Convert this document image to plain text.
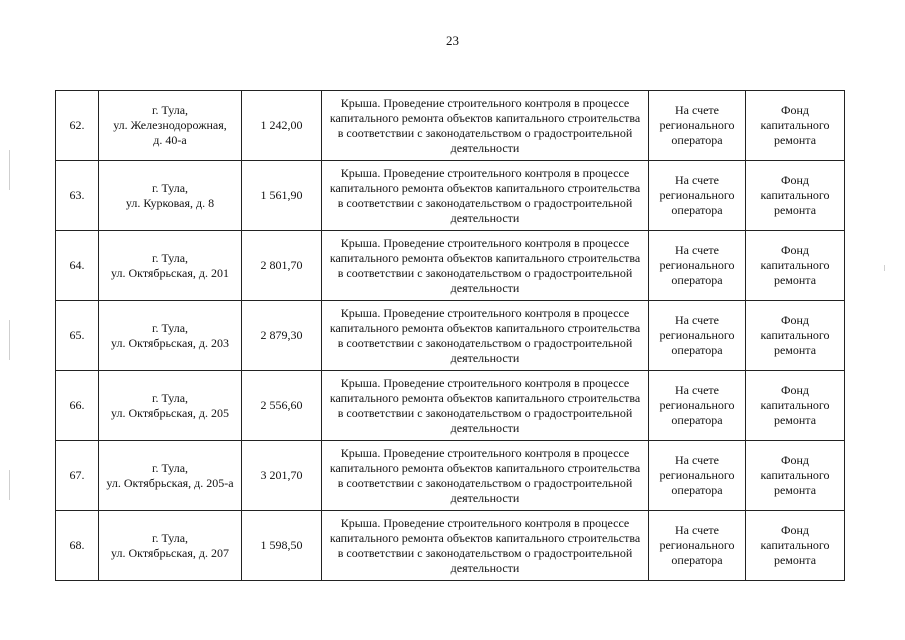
23
62.	г. Тула,
ул. Железнодорожная,
д. 40-а	1 242,00	Крыша. Проведение строительного контроля в процессе капитального ремонта объектов капитального строительства в соответствии с законодательством о градостроительной деятельности	На счете
регионального
оператора	Фонд
капитального
ремонта

63.	г. Тула,
ул. Курковая, д. 8	1 561,90	Крыша. Проведение строительного контроля в процессе капитального ремонта объектов капитального строительства в соответствии с законодательством о градостроительной деятельности	На счете
регионального
оператора	Фонд
капитального
ремонта

64.	г. Тула,
ул. Октябрьская, д. 201	2 801,70	Крыша. Проведение строительного контроля в процессе капитального ремонта объектов капитального строительства в соответствии с законодательством о градостроительной деятельности	На счете
регионального
оператора	Фонд
капитального
ремонта

65.	г. Тула,
ул. Октябрьская, д. 203	2 879,30	Крыша. Проведение строительного контроля в процессе капитального ремонта объектов капитального строительства в соответствии с законодательством о градостроительной деятельности	На счете
регионального
оператора	Фонд
капитального
ремонта

66.	г. Тула,
ул. Октябрьская, д. 205	2 556,60	Крыша. Проведение строительного контроля в процессе капитального ремонта объектов капитального строительства в соответствии с законодательством о градостроительной деятельности	На счете
регионального
оператора	Фонд
капитального
ремонта

67.	г. Тула,
ул. Октябрьская, д. 205-а	3 201,70	Крыша. Проведение строительного контроля в процессе капитального ремонта объектов капитального строительства в соответствии с законодательством о градостроительной деятельности	На счете
регионального
оператора	Фонд
капитального
ремонта

68.	г. Тула,
ул. Октябрьская, д. 207	1 598,50	Крыша. Проведение строительного контроля в процессе капитального ремонта объектов капитального строительства в соответствии с законодательством о градостроительной деятельности	На счете
регионального
оператора	Фонд
капитального
ремонта
